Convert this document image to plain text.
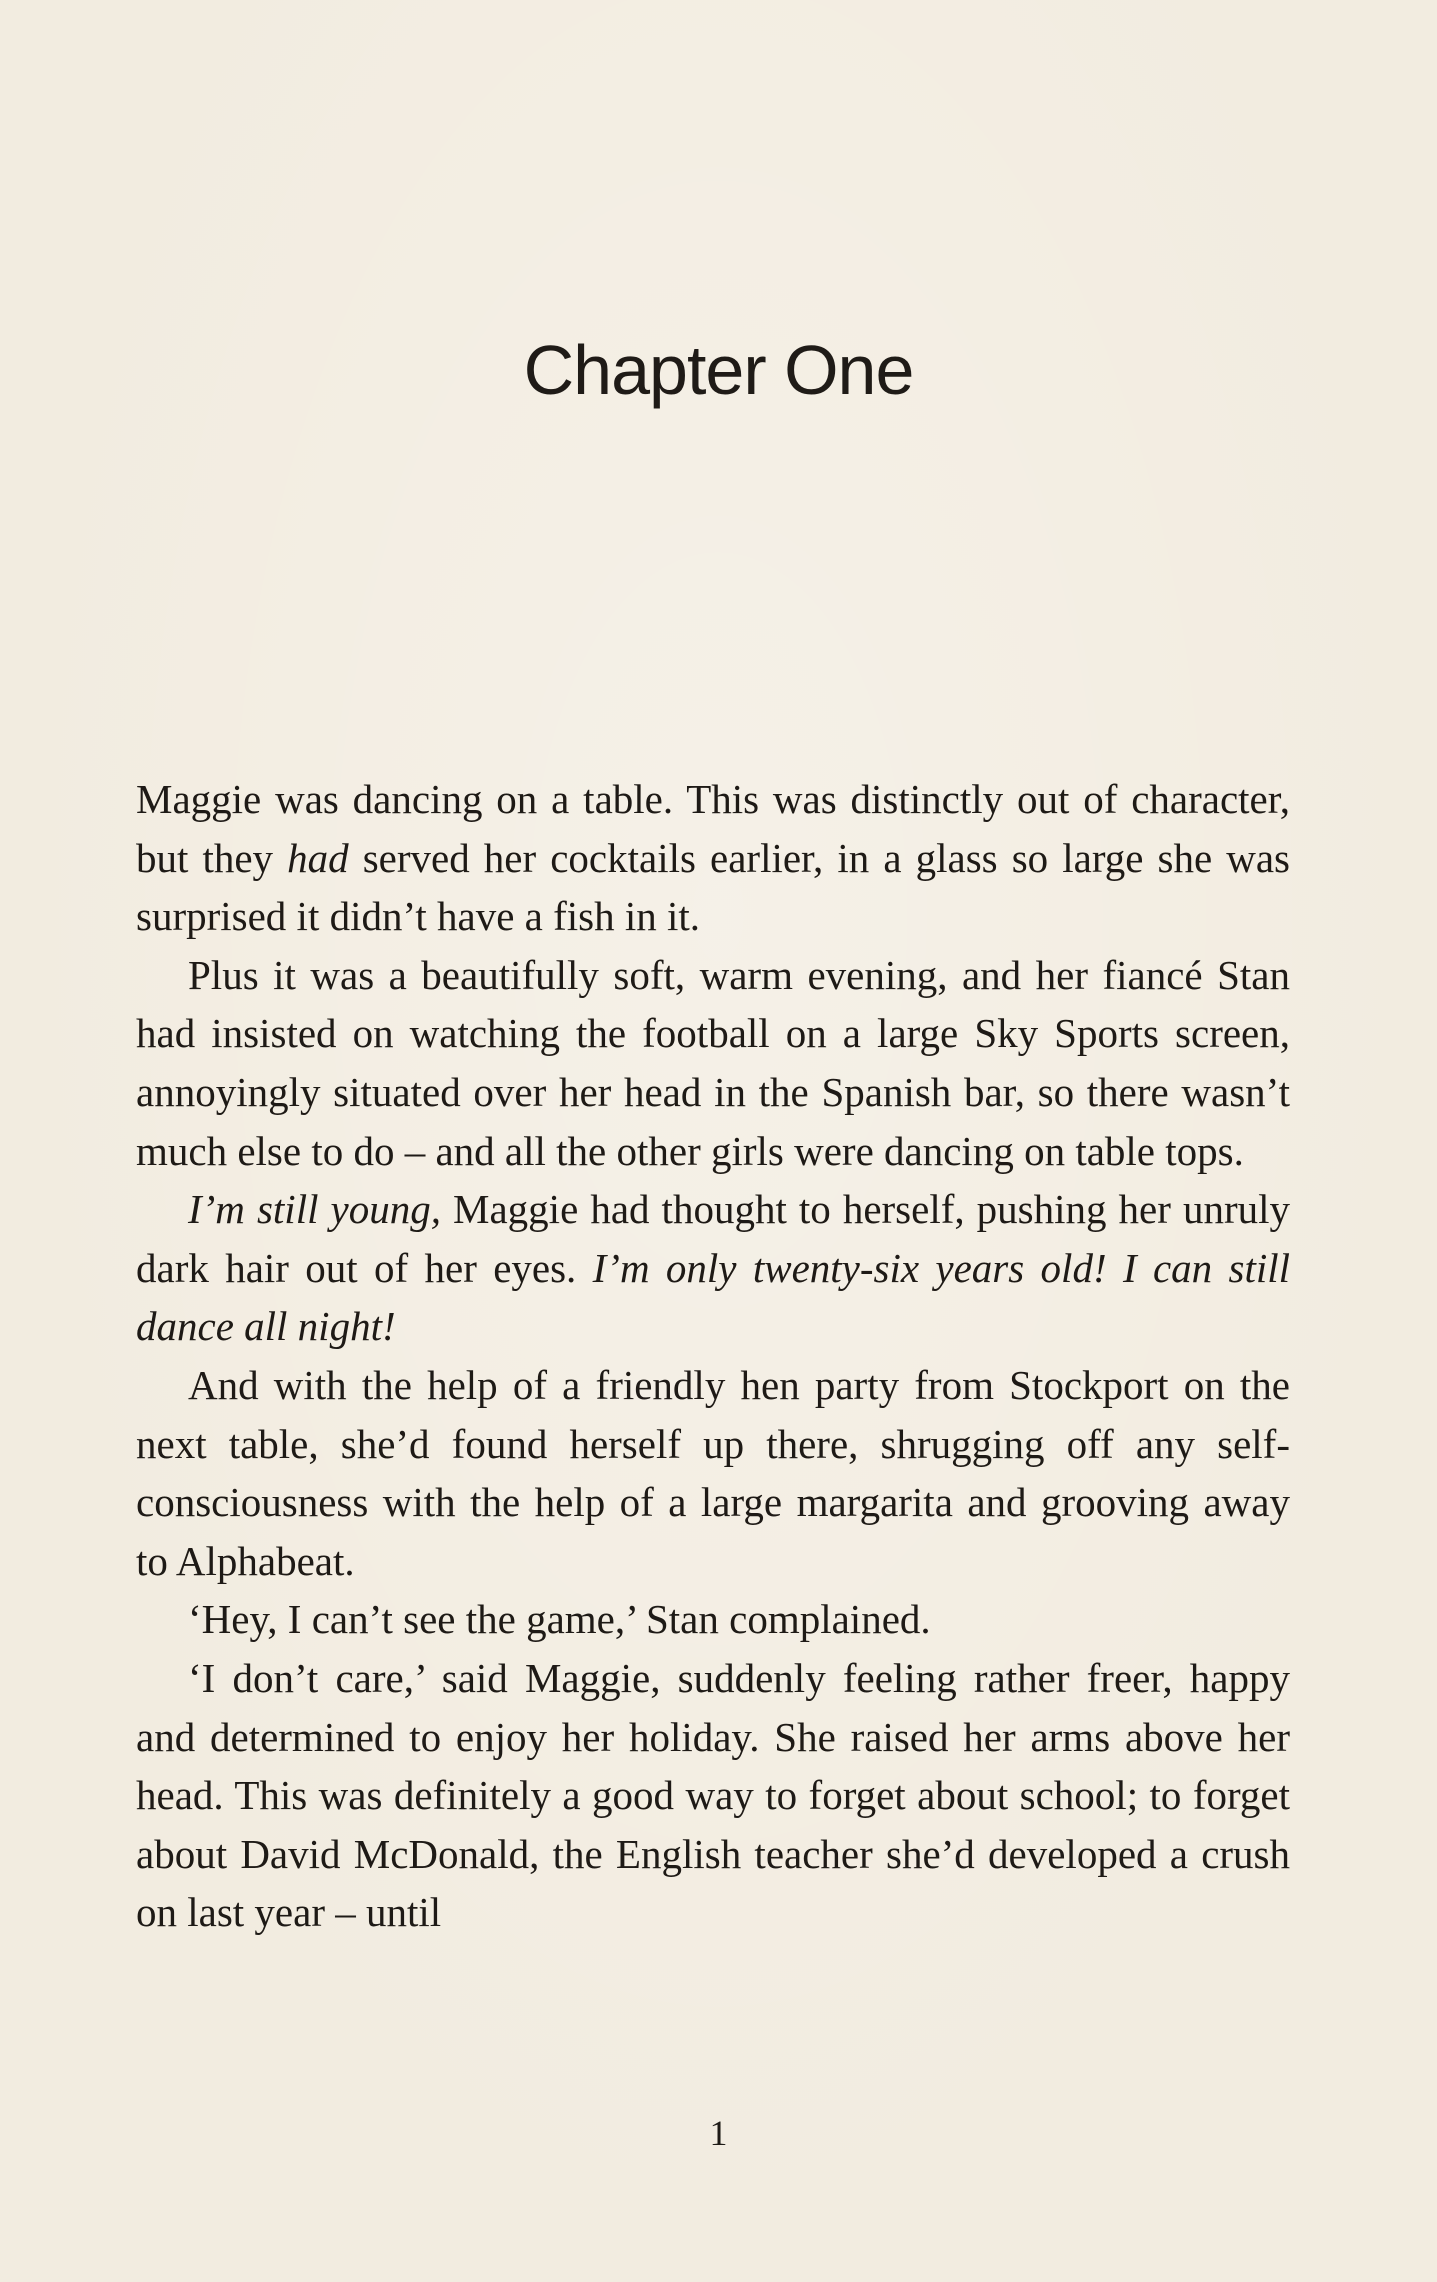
Chapter One

Maggie was dancing on a table. This was distinctly out of character, but they had served her cocktails earlier, in a glass so large she was surprised it didn’t have a fish in it.

Plus it was a beautifully soft, warm evening, and her fiancé Stan had insisted on watching the football on a large Sky Sports screen, annoyingly situated over her head in the Spanish bar, so there wasn’t much else to do – and all the other girls were dancing on table tops.

I’m still young, Maggie had thought to herself, pushing her unruly dark hair out of her eyes. I’m only twenty-six years old! I can still dance all night!

And with the help of a friendly hen party from Stockport on the next table, she’d found herself up there, shrugging off any self-consciousness with the help of a large margarita and grooving away to Alphabeat.

‘Hey, I can’t see the game,’ Stan complained.

‘I don’t care,’ said Maggie, suddenly feeling rather freer, happy and determined to enjoy her holiday. She raised her arms above her head. This was definitely a good way to forget about school; to forget about David McDonald, the English teacher she’d developed a crush on last year – until

1
